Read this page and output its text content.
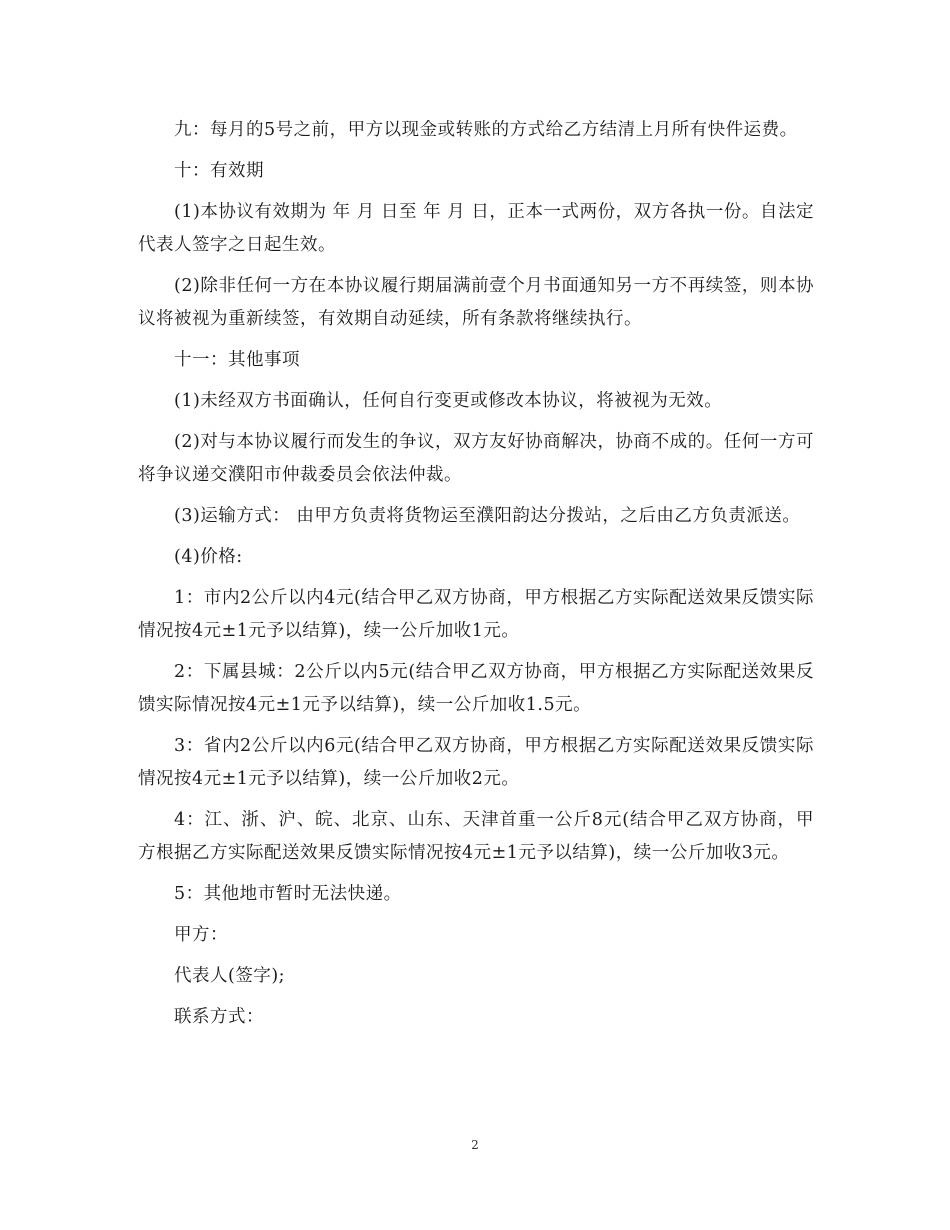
九：每月的5号之前，甲方以现金或转账的方式给乙方结清上月所有快件运费。

十：有效期

(1)本协议有效期为 年 月 日至 年 月 日，正本一式两份，双方各执一份。自法定代表人签字之日起生效。

(2)除非任何一方在本协议履行期届满前壹个月书面通知另一方不再续签，则本协议将被视为重新续签，有效期自动延续，所有条款将继续执行。

十一：其他事项

(1)未经双方书面确认，任何自行变更或修改本协议，将被视为无效。

(2)对与本协议履行而发生的争议，双方友好协商解决，协商不成的。任何一方可将争议递交濮阳市仲裁委员会依法仲裁。

(3)运输方式： 由甲方负责将货物运至濮阳韵达分拨站，之后由乙方负责派送。

(4)价格:

1：市内2公斤以内4元(结合甲乙双方协商，甲方根据乙方实际配送效果反馈实际情况按4元±1元予以结算)，续一公斤加收1元。

2：下属县城：2公斤以内5元(结合甲乙双方协商，甲方根据乙方实际配送效果反馈实际情况按4元±1元予以结算)，续一公斤加收1.5元。

3：省内2公斤以内6元(结合甲乙双方协商，甲方根据乙方实际配送效果反馈实际情况按4元±1元予以结算)，续一公斤加收2元。

4：江、浙、沪、皖、北京、山东、天津首重一公斤8元(结合甲乙双方协商，甲方根据乙方实际配送效果反馈实际情况按4元±1元予以结算)，续一公斤加收3元。

5：其他地市暂时无法快递。

甲方：

代表人(签字);

联系方式：

2
